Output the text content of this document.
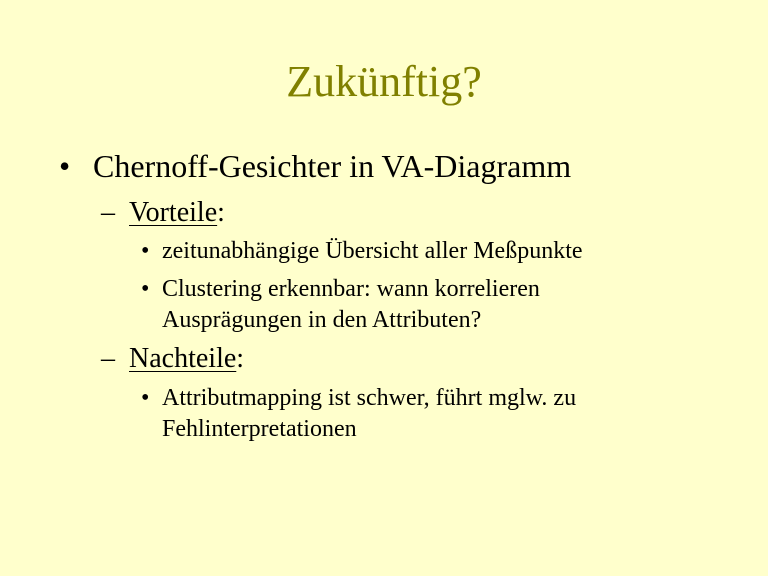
Zukünftig?
• Chernoff-Gesichter in VA-Diagramm
– Vorteile:
• zeitunabhängige Übersicht aller Meßpunkte
• Clustering erkennbar: wann korrelieren Ausprägungen in den Attributen?
– Nachteile:
• Attributmapping ist schwer, führt mglw. zu Fehlinterpretationen
